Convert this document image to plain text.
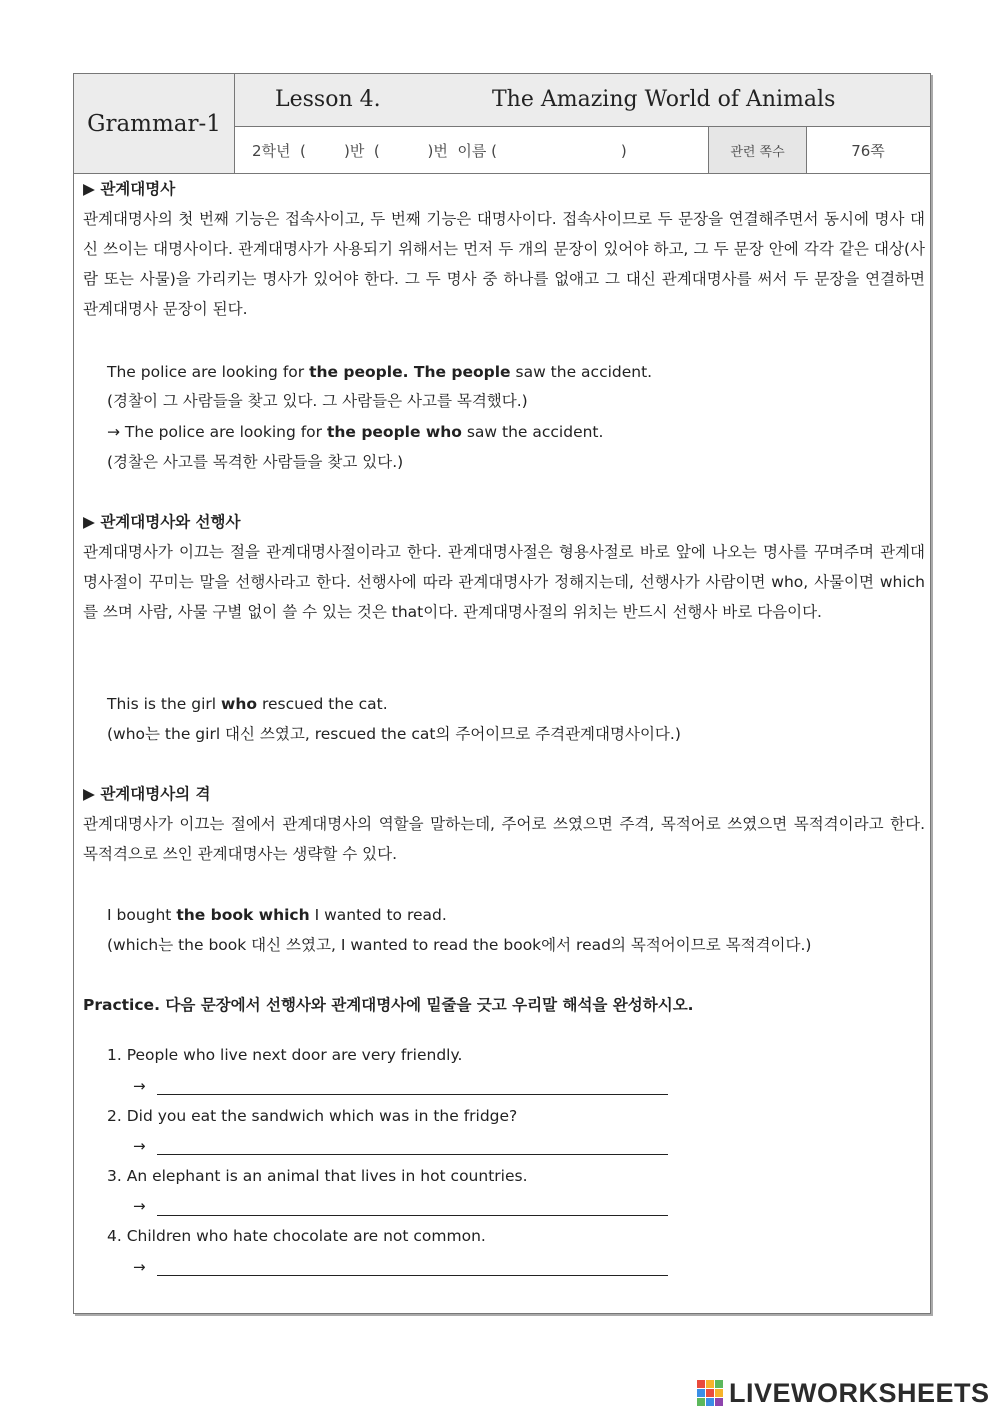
Grammar-1
Lesson 4.	The Amazing World of Animals
2학년  (        )반  (          )번  이름 (                          )	관련 쪽수	76쪽
▶ 관계대명사
관계대명사의 첫 번째 기능은 접속사이고, 두 번째 기능은 대명사이다. 접속사이므로 두 문장을 연결해주면서 동시에 명사 대신 쓰이는 대명사이다. 관계대명사가 사용되기 위해서는 먼저 두 개의 문장이 있어야 하고, 그 두 문장 안에 각각 같은 대상(사람 또는 사물)을 가리키는 명사가 있어야 한다. 그 두 명사 중 하나를 없애고 그 대신 관계대명사를 써서 두 문장을 연결하면 관계대명사 문장이 된다.
The police are looking for the people. The people saw the accident.
(경찰이 그 사람들을 찾고 있다. 그 사람들은 사고를 목격했다.)
→ The police are looking for the people who saw the accident.
(경찰은 사고를 목격한 사람들을 찾고 있다.)
▶ 관계대명사와 선행사
관계대명사가 이끄는 절을 관계대명사절이라고 한다. 관계대명사절은 형용사절로 바로 앞에 나오는 명사를 꾸며주며 관계대명사절이 꾸미는 말을 선행사라고 한다. 선행사에 따라 관계대명사가 정해지는데, 선행사가 사람이면 who, 사물이면 which를 쓰며 사람, 사물 구별 없이 쓸 수 있는 것은 that이다. 관계대명사절의 위치는 반드시 선행사 바로 다음이다.
This is the girl who rescued the cat.
(who는 the girl 대신 쓰였고, rescued the cat의 주어이므로 주격관계대명사이다.)
▶ 관계대명사의 격
관계대명사가 이끄는 절에서 관계대명사의 역할을 말하는데, 주어로 쓰였으면 주격, 목적어로 쓰였으면 목적격이라고 한다. 목적격으로 쓰인 관계대명사는 생략할 수 있다.
I bought the book which I wanted to read.
(which는 the book 대신 쓰였고, I wanted to read the book에서 read의 목적어이므로 목적격이다.)
Practice. 다음 문장에서 선행사와 관계대명사에 밑줄을 긋고 우리말 해석을 완성하시오.
1. People who live next door are very friendly.
→
2. Did you eat the sandwich which was in the fridge?
→
3. An elephant is an animal that lives in hot countries.
→
4. Children who hate chocolate are not common.
→
LIVEWORKSHEETS
